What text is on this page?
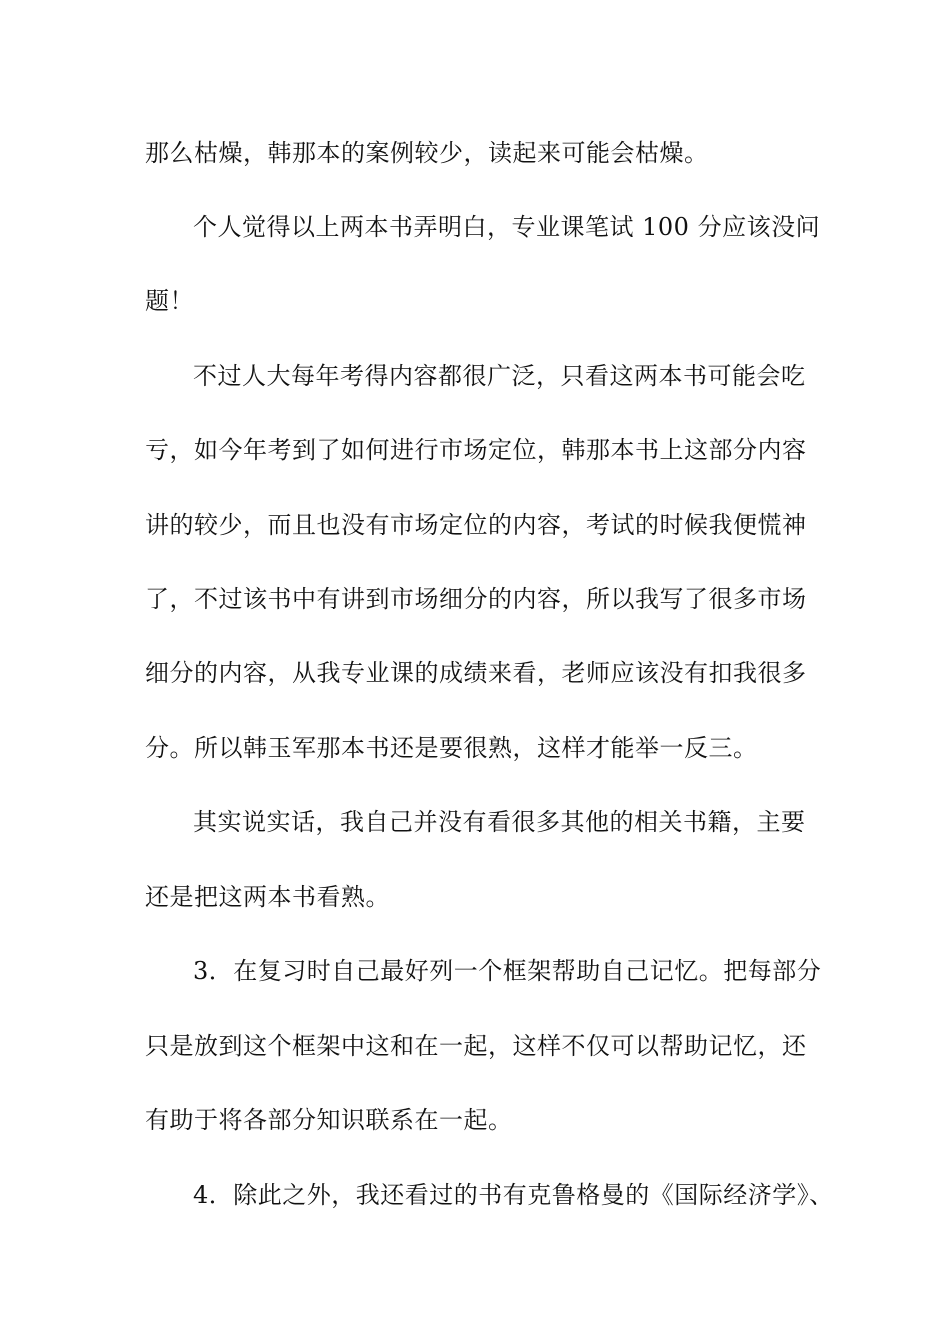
那么枯燥，韩那本的案例较少，读起来可能会枯燥。
个人觉得以上两本书弄明白，专业课笔试 100 分应该没问
题！
不过人大每年考得内容都很广泛，只看这两本书可能会吃
亏，如今年考到了如何进行市场定位，韩那本书上这部分内容
讲的较少，而且也没有市场定位的内容，考试的时候我便慌神
了，不过该书中有讲到市场细分的内容，所以我写了很多市场
细分的内容，从我专业课的成绩来看，老师应该没有扣我很多
分。所以韩玉军那本书还是要很熟，这样才能举一反三。
其实说实话，我自己并没有看很多其他的相关书籍，主要
还是把这两本书看熟。
3．在复习时自己最好列一个框架帮助自己记忆。把每部分
只是放到这个框架中这和在一起，这样不仅可以帮助记忆，还
有助于将各部分知识联系在一起。
4．除此之外，我还看过的书有克鲁格曼的《国际经济学》、
